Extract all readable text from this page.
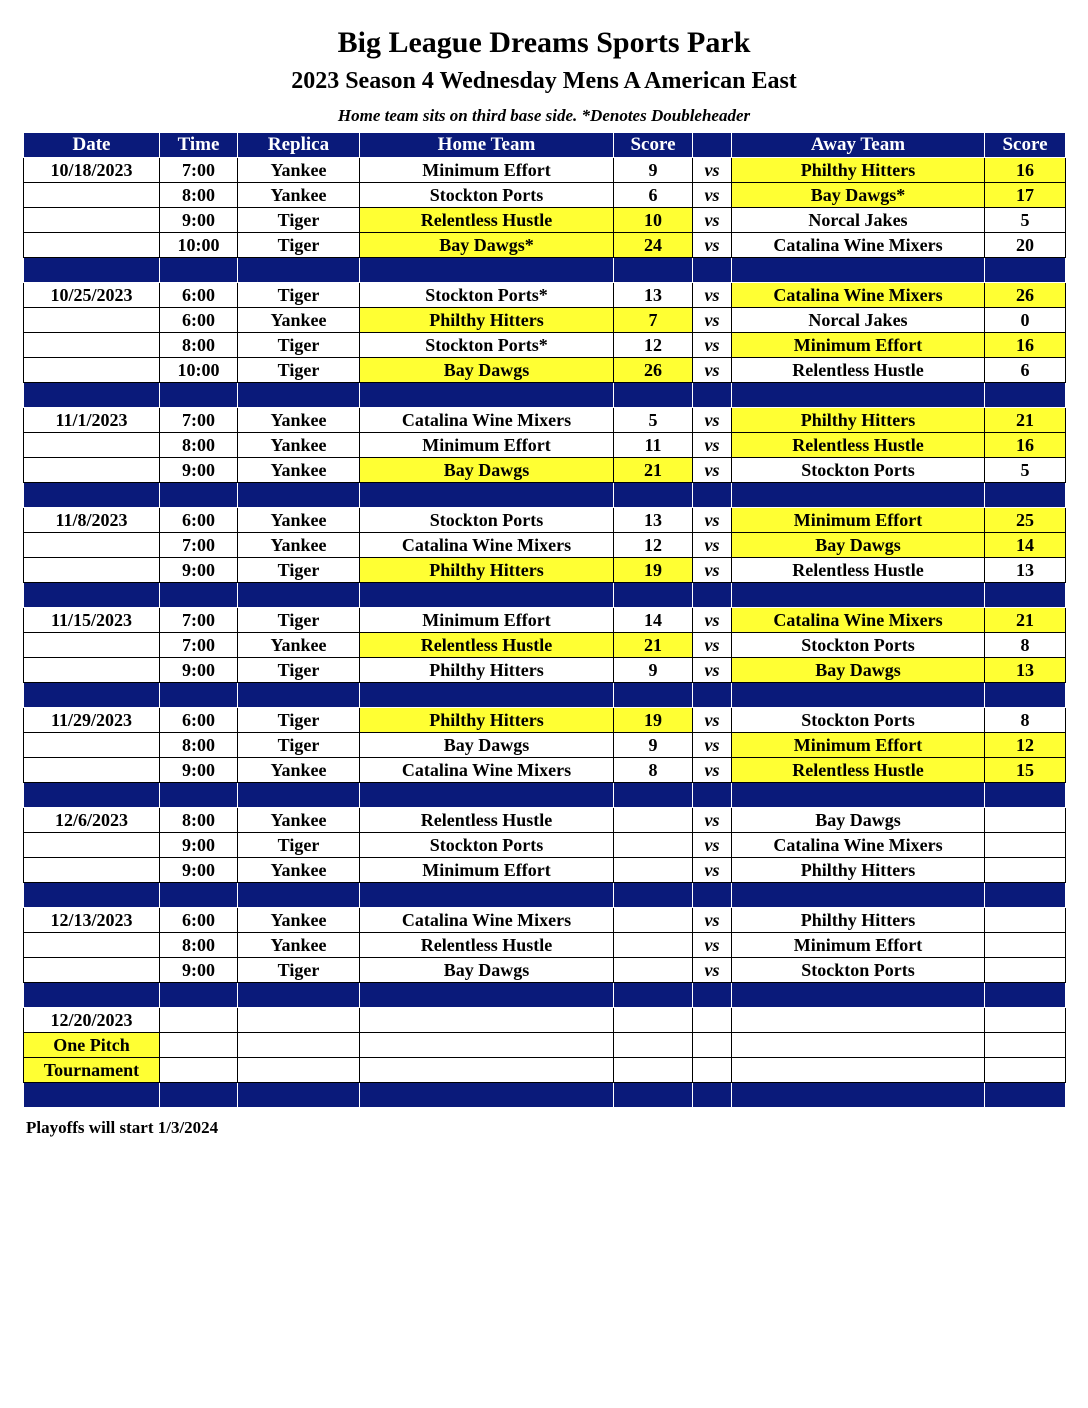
Big League Dreams Sports Park
2023 Season 4 Wednesday Mens A American East
Home team sits on third base side. *Denotes Doubleheader
Date	Time	Replica	Home Team	Score		Away Team	Score
10/18/2023	7:00	Yankee	Minimum Effort	9	vs	Philthy Hitters	16
	8:00	Yankee	Stockton Ports	6	vs	Bay Dawgs*	17
	9:00	Tiger	Relentless Hustle	10	vs	Norcal Jakes	5
	10:00	Tiger	Bay Dawgs*	24	vs	Catalina Wine Mixers	20

10/25/2023	6:00	Tiger	Stockton Ports*	13	vs	Catalina Wine Mixers	26
	6:00	Yankee	Philthy Hitters	7	vs	Norcal Jakes	0
	8:00	Tiger	Stockton Ports*	12	vs	Minimum Effort	16
	10:00	Tiger	Bay Dawgs	26	vs	Relentless Hustle	6

11/1/2023	7:00	Yankee	Catalina Wine Mixers	5	vs	Philthy Hitters	21
	8:00	Yankee	Minimum Effort	11	vs	Relentless Hustle	16
	9:00	Yankee	Bay Dawgs	21	vs	Stockton Ports	5

11/8/2023	6:00	Yankee	Stockton Ports	13	vs	Minimum Effort	25
	7:00	Yankee	Catalina Wine Mixers	12	vs	Bay Dawgs	14
	9:00	Tiger	Philthy Hitters	19	vs	Relentless Hustle	13

11/15/2023	7:00	Tiger	Minimum Effort	14	vs	Catalina Wine Mixers	21
	7:00	Yankee	Relentless Hustle	21	vs	Stockton Ports	8
	9:00	Tiger	Philthy Hitters	9	vs	Bay Dawgs	13

11/29/2023	6:00	Tiger	Philthy Hitters	19	vs	Stockton Ports	8
	8:00	Tiger	Bay Dawgs	9	vs	Minimum Effort	12
	9:00	Yankee	Catalina Wine Mixers	8	vs	Relentless Hustle	15

12/6/2023	8:00	Yankee	Relentless Hustle		vs	Bay Dawgs	
	9:00	Tiger	Stockton Ports		vs	Catalina Wine Mixers	
	9:00	Yankee	Minimum Effort		vs	Philthy Hitters	

12/13/2023	6:00	Yankee	Catalina Wine Mixers		vs	Philthy Hitters	
	8:00	Yankee	Relentless Hustle		vs	Minimum Effort	
	9:00	Tiger	Bay Dawgs		vs	Stockton Ports	

12/20/2023							
One Pitch							
Tournament							

Playoffs will start 1/3/2024
